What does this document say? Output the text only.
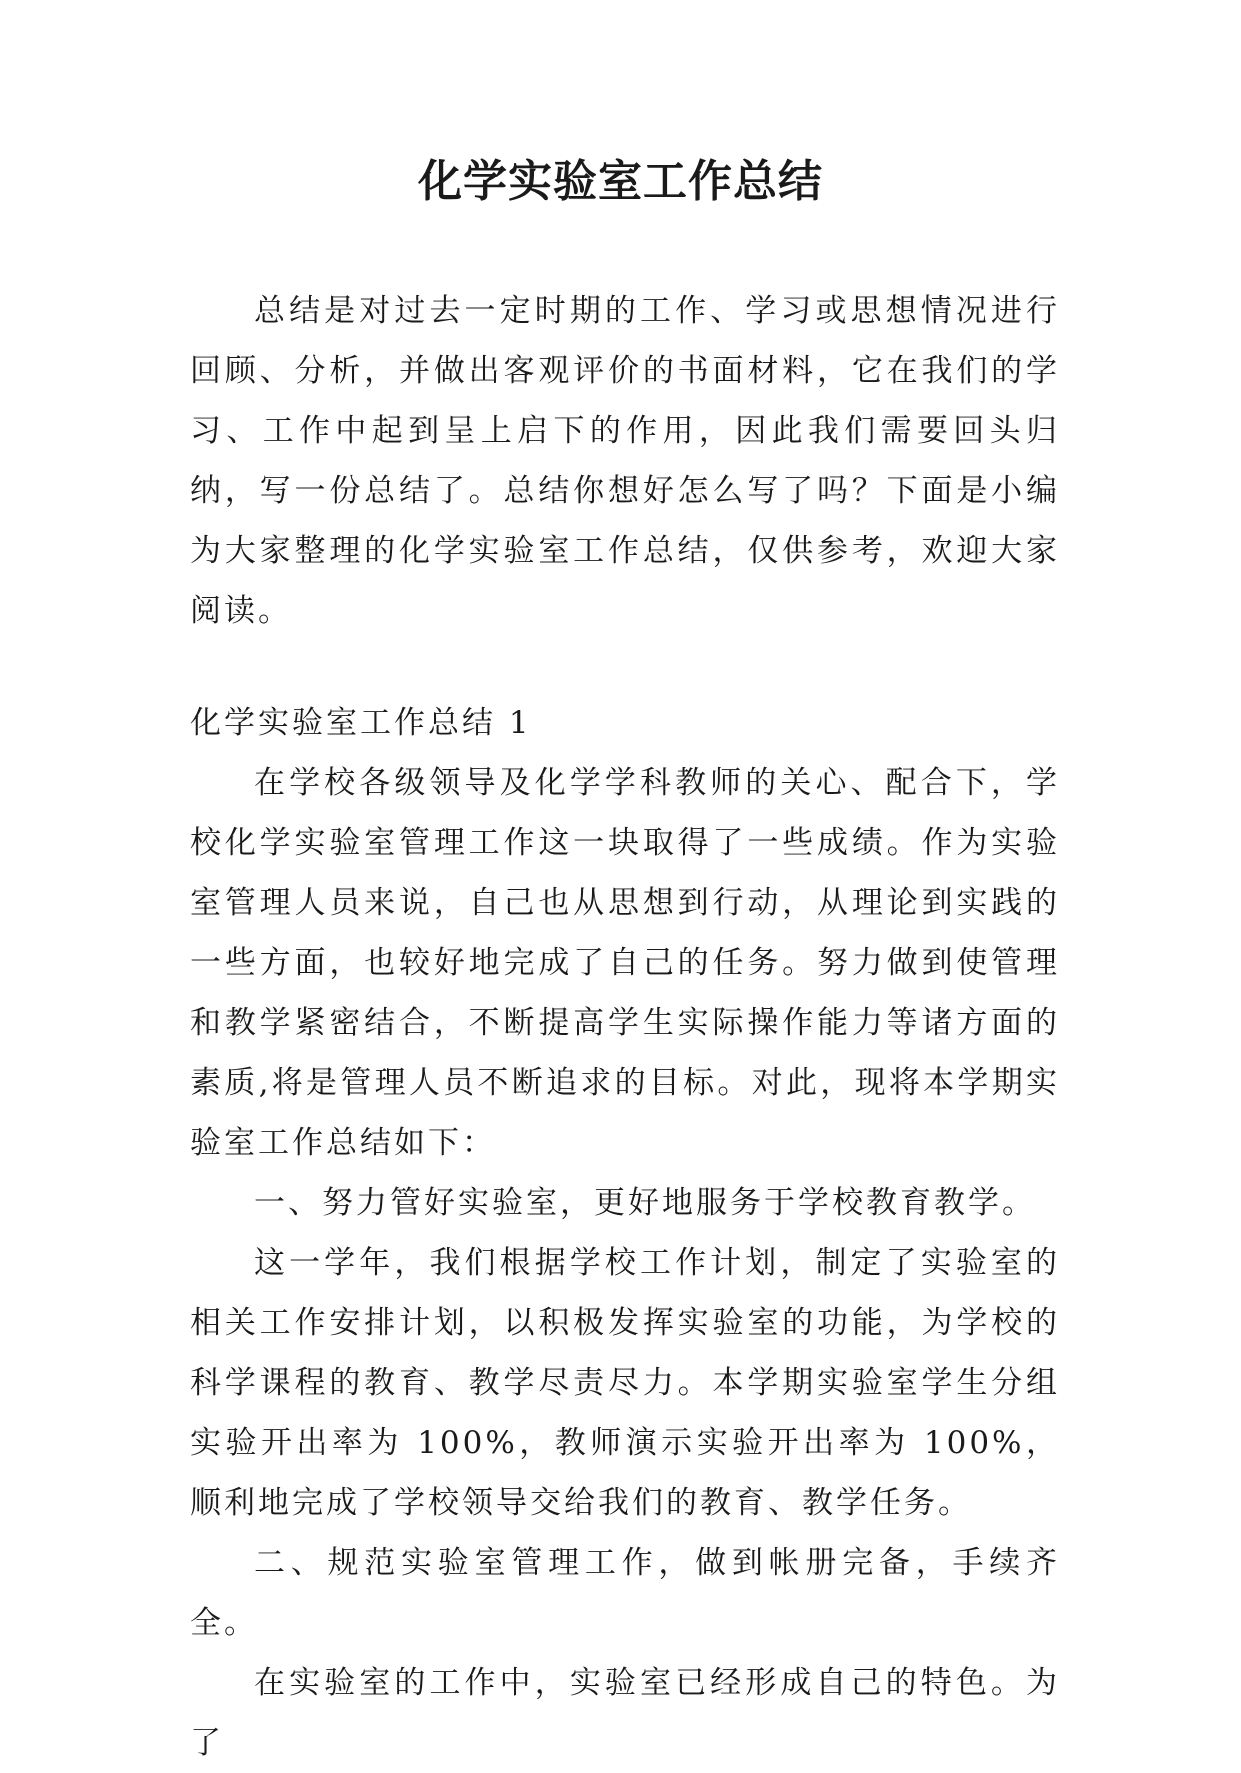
化学实验室工作总结

总结是对过去一定时期的工作、学习或思想情况进行回顾、分析，并做出客观评价的书面材料，它在我们的学习、工作中起到呈上启下的作用，因此我们需要回头归纳，写一份总结了。总结你想好怎么写了吗？下面是小编为大家整理的化学实验室工作总结，仅供参考，欢迎大家阅读。

化学实验室工作总结 1

在学校各级领导及化学学科教师的关心、配合下，学校化学实验室管理工作这一块取得了一些成绩。作为实验室管理人员来说，自己也从思想到行动，从理论到实践的一些方面，也较好地完成了自己的任务。努力做到使管理和教学紧密结合，不断提高学生实际操作能力等诸方面的素质,将是管理人员不断追求的目标。对此，现将本学期实验室工作总结如下：

一、努力管好实验室，更好地服务于学校教育教学。

这一学年，我们根据学校工作计划，制定了实验室的相关工作安排计划，以积极发挥实验室的功能，为学校的科学课程的教育、教学尽责尽力。本学期实验室学生分组实验开出率为 100%，教师演示实验开出率为 100%，顺利地完成了学校领导交给我们的教育、教学任务。

二、规范实验室管理工作，做到帐册完备，手续齐全。

在实验室的工作中，实验室已经形成自己的特色。为了
